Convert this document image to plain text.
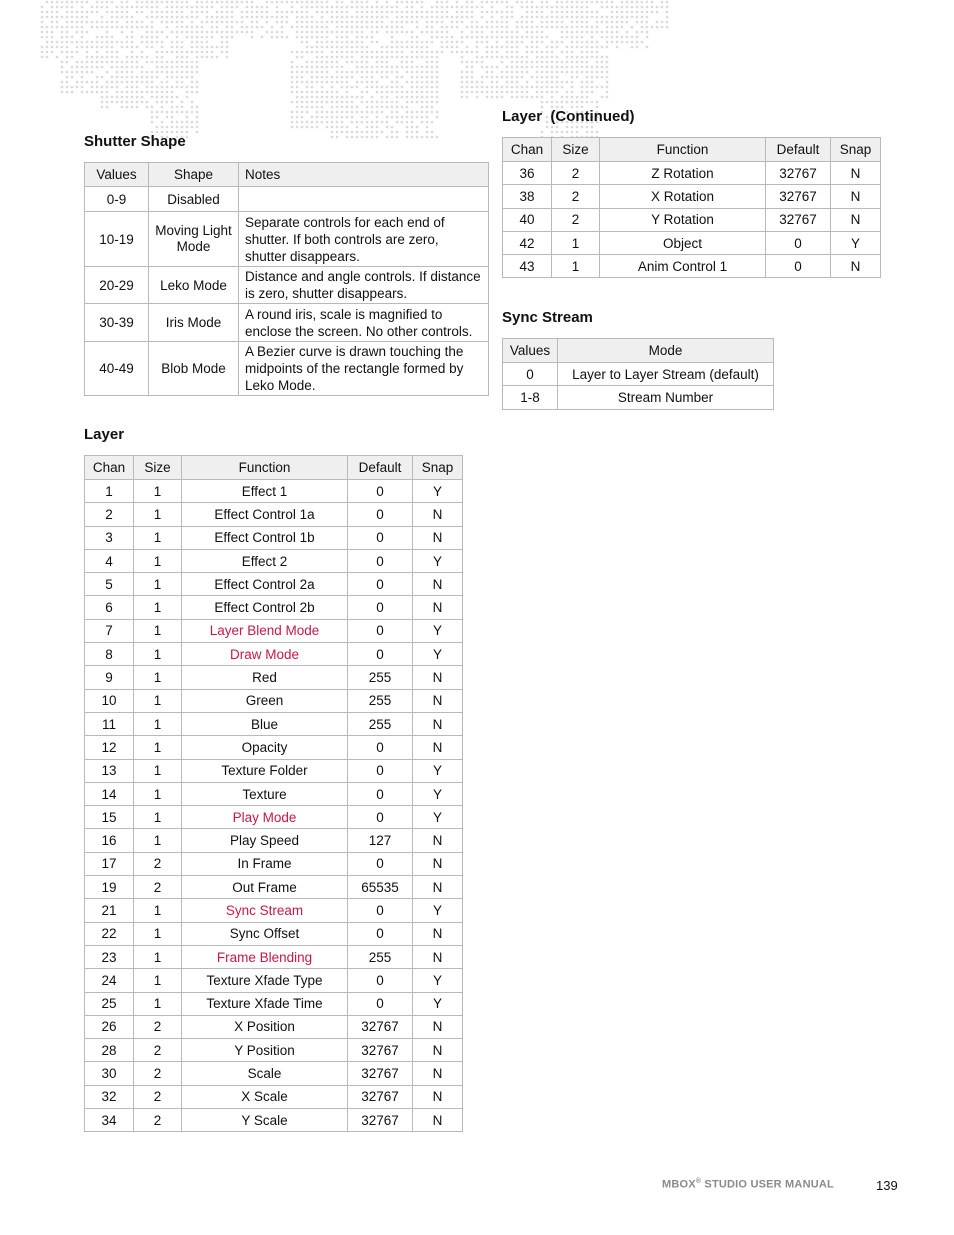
Shutter Shape
Values	Shape	Notes
0-9	Disabled	
10-19	Moving Light Mode	Separate controls for each end of shutter. If both controls are zero, shutter disappears.
20-29	Leko Mode	Distance and angle controls. If distance is zero, shutter disappears.
30-39	Iris Mode	A round iris, scale is magnified to enclose the screen. No other controls.
40-49	Blob Mode	A Bezier curve is drawn touching the midpoints of the rectangle formed by Leko Mode.
Layer
Chan	Size	Function	Default	Snap
1	1	Effect 1	0	Y
2	1	Effect Control 1a	0	N
3	1	Effect Control 1b	0	N
4	1	Effect 2	0	Y
5	1	Effect Control 2a	0	N
6	1	Effect Control 2b	0	N
7	1	Layer Blend Mode	0	Y
8	1	Draw Mode	0	Y
9	1	Red	255	N
10	1	Green	255	N
11	1	Blue	255	N
12	1	Opacity	0	N
13	1	Texture Folder	0	Y
14	1	Texture	0	Y
15	1	Play Mode	0	Y
16	1	Play Speed	127	N
17	2	In Frame	0	N
19	2	Out Frame	65535	N
21	1	Sync Stream	0	Y
22	1	Sync Offset	0	N
23	1	Frame Blending	255	N
24	1	Texture Xfade Type	0	Y
25	1	Texture Xfade Time	0	Y
26	2	X Position	32767	N
28	2	Y Position	32767	N
30	2	Scale	32767	N
32	2	X Scale	32767	N
34	2	Y Scale	32767	N
Layer  (Continued)
Chan	Size	Function	Default	Snap
36	2	Z Rotation	32767	N
38	2	X Rotation	32767	N
40	2	Y Rotation	32767	N
42	1	Object	0	Y
43	1	Anim Control 1	0	N
Sync Stream
Values	Mode
0	Layer to Layer Stream (default)
1-8	Stream Number
MBOX® STUDIO USER MANUAL	139
